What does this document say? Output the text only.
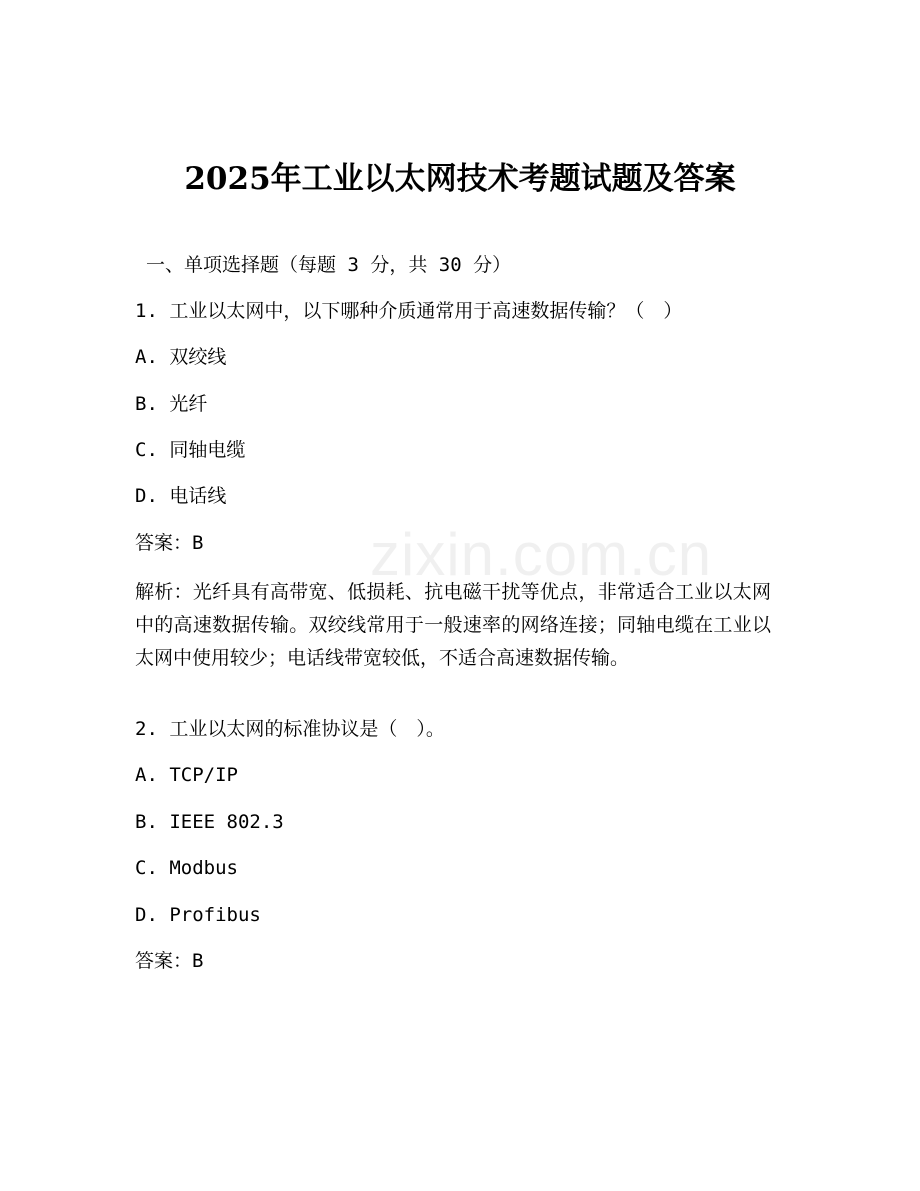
zixin.com.cn
2025年工业以太网技术考题试题及答案
一、单项选择题（每题 3 分，共 30 分）
1. 工业以太网中，以下哪种介质通常用于高速数据传输？（　）
A. 双绞线
B. 光纤
C. 同轴电缆
D. 电话线
答案：B

解析：光纤具有高带宽、低损耗、抗电磁干扰等优点，非常适合工业以太网中的高速数据传输。双绞线常用于一般速率的网络连接；同轴电缆在工业以太网中使用较少；电话线带宽较低，不适合高速数据传输。

2. 工业以太网的标准协议是（　）。
A. TCP/IP
B. IEEE 802.3
C. Modbus
D. Profibus
答案：B
